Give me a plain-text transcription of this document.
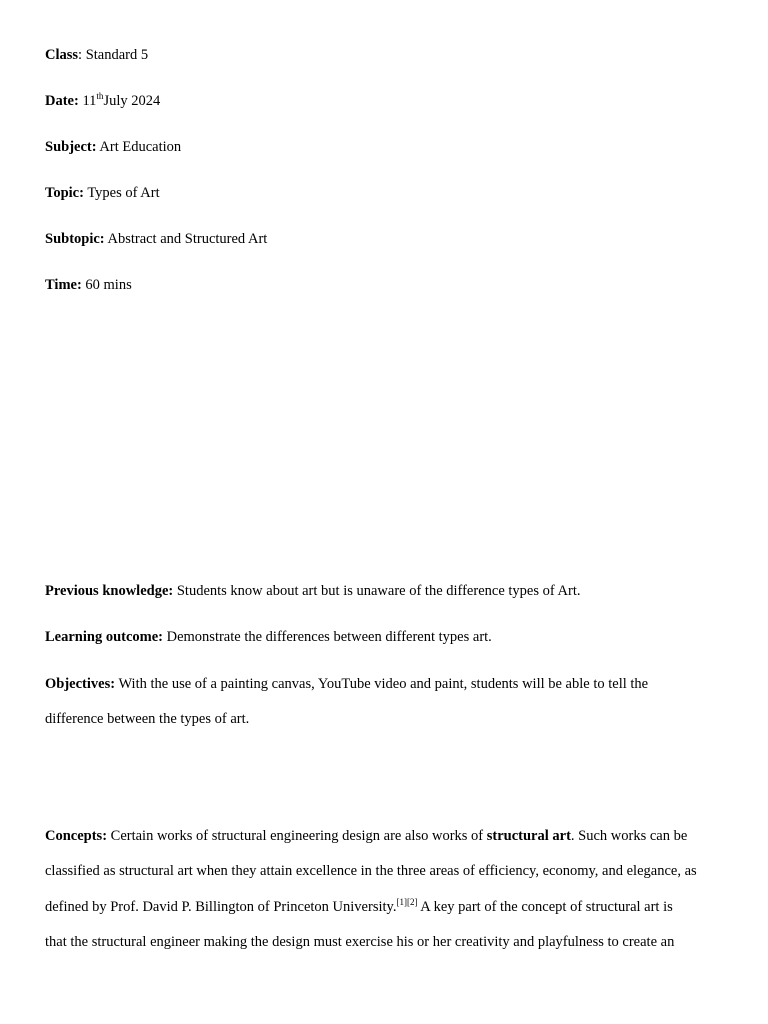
Class: Standard 5
Date: 11thJuly 2024
Subject: Art Education
Topic: Types of Art
Subtopic: Abstract and Structured Art
Time: 60 mins
Previous knowledge: Students know about art but is unaware of the difference types of Art.
Learning outcome: Demonstrate the differences between different types art.
Objectives: With the use of a painting canvas, YouTube video and paint, students will be able to tell the
difference between the types of art.
Concepts: Certain works of structural engineering design are also works of structural art. Such works can be
classified as structural art when they attain excellence in the three areas of efficiency, economy, and elegance, as
defined by Prof. David P. Billington of Princeton University.[1][2] A key part of the concept of structural art is
that the structural engineer making the design must exercise his or her creativity and playfulness to create an
